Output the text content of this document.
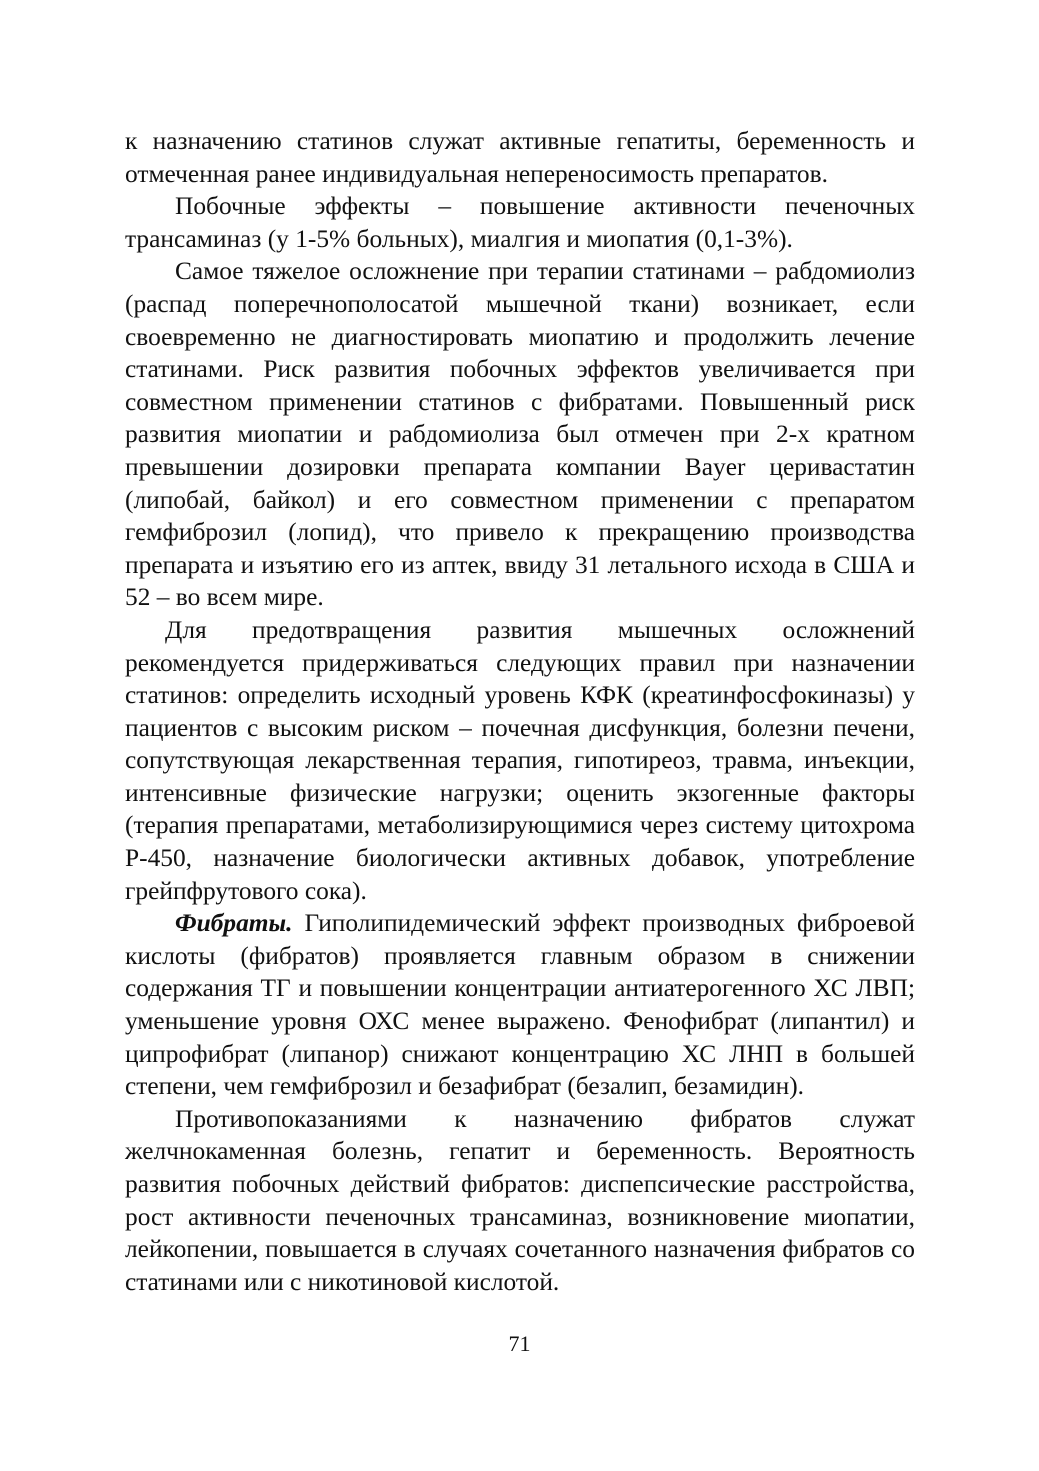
к назначению статинов служат активные гепатиты, беременность и отмеченная ранее индивидуальная непереносимость препаратов.

Побочные эффекты – повышение активности печеночных трансаминаз (у 1-5% больных), миалгия и миопатия (0,1-3%).

Самое тяжелое осложнение при терапии статинами – рабдомиолиз (распад поперечнополосатой мышечной ткани) возникает, если своевременно не диагностировать миопатию и продолжить лечение статинами. Риск развития побочных эффектов увеличивается при совместном применении статинов с фибратами. Повышенный риск развития миопатии и рабдомиолиза был отмечен при 2-х кратном превышении дозировки препарата компании Bayer церивастатин (липобай, байкол) и его совместном применении с препаратом гемфиброзил (лопид), что привело к прекращению производства препарата и изъятию его из аптек, ввиду 31 летального исхода в США и 52 – во всем мире.

Для предотвращения развития мышечных осложнений рекомендуется придерживаться следующих правил при назначении статинов: определить исходный уровень КФК (креатинфосфокиназы) у пациентов с высоким риском – почечная дисфункция, болезни печени, сопутствующая лекарственная терапия, гипотиреоз, травма, инъекции, интенсивные физические нагрузки; оценить экзогенные факторы (терапия препаратами, метаболизирующимися через систему цитохрома Р-450, назначение биологически активных добавок, употребление грейпфрутового сока).

Фибраты. Гиполипидемический эффект производных фиброевой кислоты (фибратов) проявляется главным образом в снижении содержания ТГ и повышении концентрации антиатерогенного ХС ЛВП; уменьшение уровня ОХС менее выражено. Фенофибрат (липантил) и ципрофибрат (липанор) снижают концентрацию ХС ЛНП в большей степени, чем гемфиброзил и безафибрат (безалип, безамидин).

Противопоказаниями к назначению фибратов служат желчнокаменная болезнь, гепатит и беременность. Вероятность развития побочных действий фибратов: диспепсические расстройства, рост активности печеночных трансаминаз, возникновение миопатии, лейкопении, повышается в случаях сочетанного назначения фибратов со статинами или с никотиновой кислотой.

71
